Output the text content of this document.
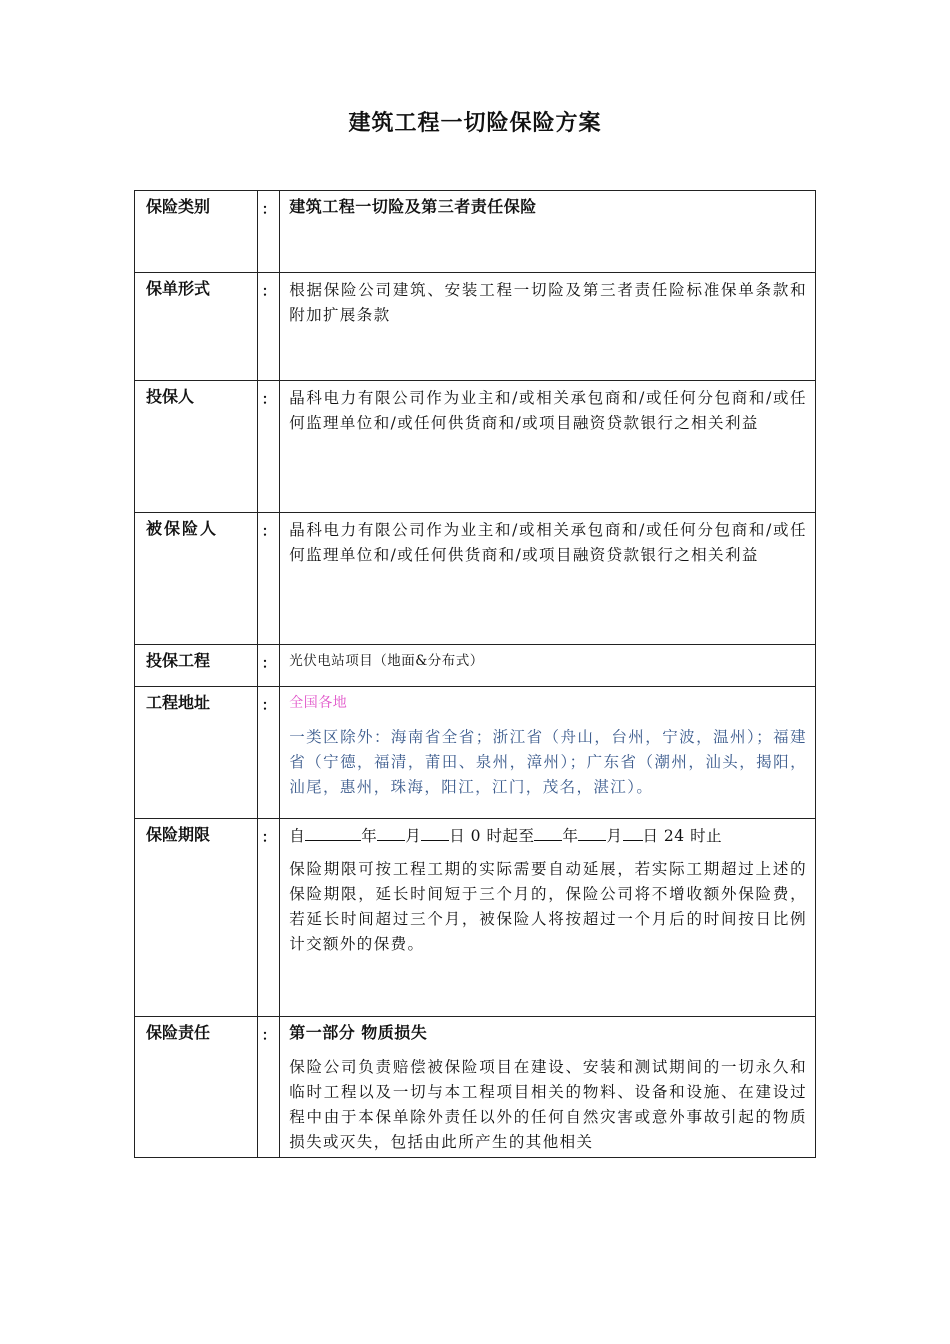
建筑工程一切险保险方案
保险类别	：	建筑工程一切险及第三者责任保险

保单形式	：	根据保险公司建筑、安装工程一切险及第三者责任险标准保单条款和附加扩展条款

投保人	：	晶科电力有限公司作为业主和/或相关承包商和/或任何分包商和/或任何监理单位和/或任何供货商和/或项目融资贷款银行之相关利益

被保险人	：	晶科电力有限公司作为业主和/或相关承包商和/或任何分包商和/或任何监理单位和/或任何供货商和/或项目融资贷款银行之相关利益

投保工程	：	光伏电站项目（地面&分布式）

工程地址	：	全国各地

一类区除外：海南省全省；浙江省（舟山，台州，宁波，温州）；福建省（宁德，福清，莆田、泉州，漳州）；广东省（潮州，汕头，揭阳，汕尾，惠州，珠海，阳江，江门，茂名，湛江）。

保险期限	：	自 年 月 日 0 时起至 年 月 日 24 时止

保险期限可按工程工期的实际需要自动延展，若实际工期超过上述的保险期限，延长时间短于三个月的，保险公司将不增收额外保险费，若延长时间超过三个月，被保险人将按超过一个月后的时间按日比例计交额外的保费。

保险责任	：	第一部分 物质损失

保险公司负责赔偿被保险项目在建设、安装和测试期间的一切永久和临时工程以及一切与本工程项目相关的物料、设备和设施、在建设过程中由于本保单除外责任以外的任何自然灾害或意外事故引起的物质损失或灭失，包括由此所产生的其他相关
